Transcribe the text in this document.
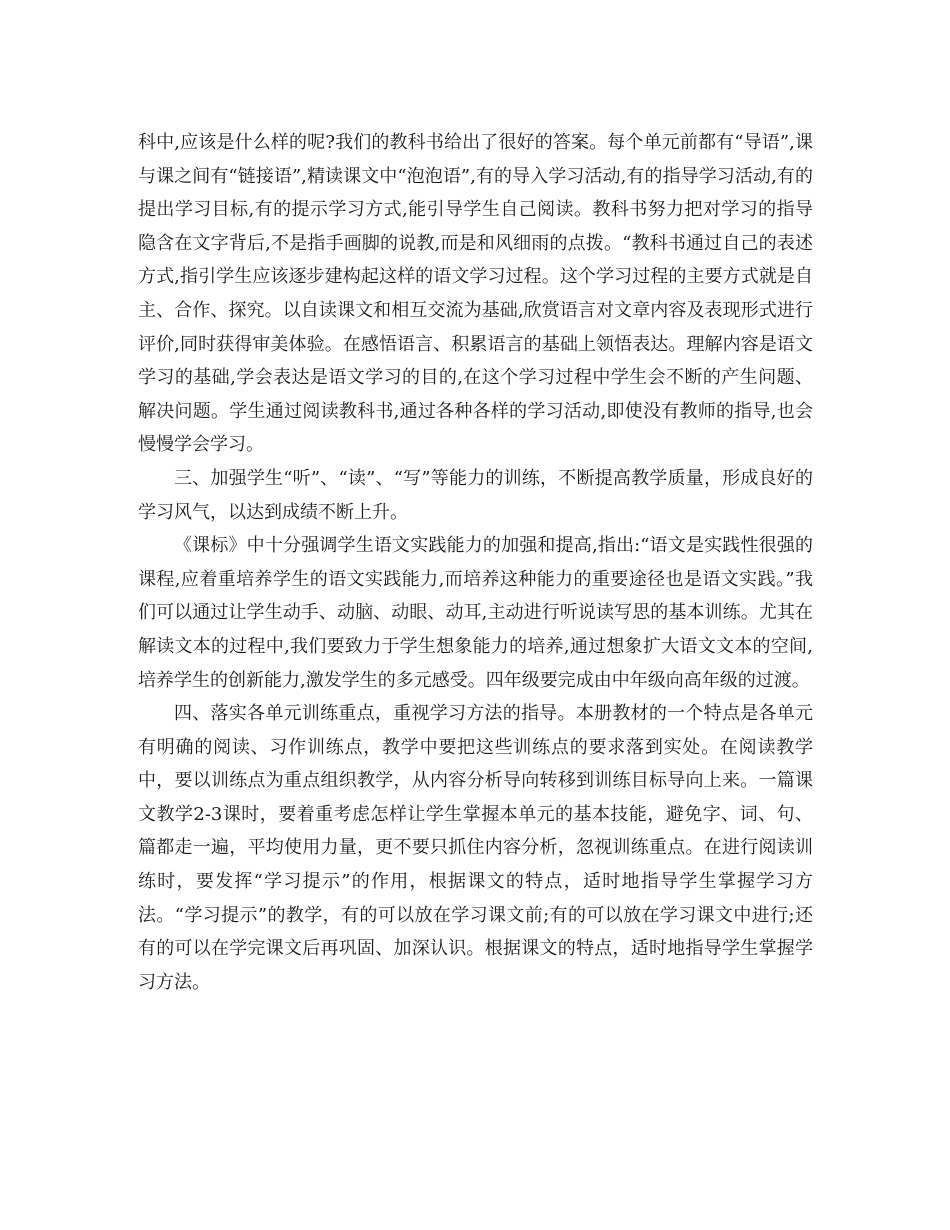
科中,应该是什么样的呢?我们的教科书给出了很好的答案。每个单元前都有“导语”,课与课之间有“链接语”,精读课文中“泡泡语”,有的导入学习活动,有的指导学习活动,有的提出学习目标,有的提示学习方式,能引导学生自己阅读。教科书努力把对学习的指导隐含在文字背后,不是指手画脚的说教,而是和风细雨的点拨。“教科书通过自己的表述方式,指引学生应该逐步建构起这样的语文学习过程。这个学习过程的主要方式就是自主、合作、探究。以自读课文和相互交流为基础,欣赏语言对文章内容及表现形式进行评价,同时获得审美体验。在感悟语言、积累语言的基础上领悟表达。理解内容是语文学习的基础,学会表达是语文学习的目的,在这个学习过程中学生会不断的产生问题、解决问题。学生通过阅读教科书,通过各种各样的学习活动,即使没有教师的指导,也会慢慢学会学习。

三、加强学生“听”、“读”、“写”等能力的训练，不断提高教学质量，形成良好的学习风气，以达到成绩不断上升。

《课标》中十分强调学生语文实践能力的加强和提高,指出:“语文是实践性很强的课程,应着重培养学生的语文实践能力,而培养这种能力的重要途径也是语文实践。”我们可以通过让学生动手、动脑、动眼、动耳,主动进行听说读写思的基本训练。尤其在解读文本的过程中,我们要致力于学生想象能力的培养,通过想象扩大语文文本的空间,培养学生的创新能力,激发学生的多元感受。四年级要完成由中年级向高年级的过渡。

四、落实各单元训练重点，重视学习方法的指导。本册教材的一个特点是各单元有明确的阅读、习作训练点，教学中要把这些训练点的要求落到实处。在阅读教学中，要以训练点为重点组织教学，从内容分析导向转移到训练目标导向上来。一篇课文教学2-3课时，要着重考虑怎样让学生掌握本单元的基本技能，避免字、词、句、篇都走一遍，平均使用力量，更不要只抓住内容分析，忽视训练重点。在进行阅读训练时，要发挥“学习提示”的作用，根据课文的特点，适时地指导学生掌握学习方法。“学习提示”的教学，有的可以放在学习课文前;有的可以放在学习课文中进行;还有的可以在学完课文后再巩固、加深认识。根据课文的特点，适时地指导学生掌握学习方法。
